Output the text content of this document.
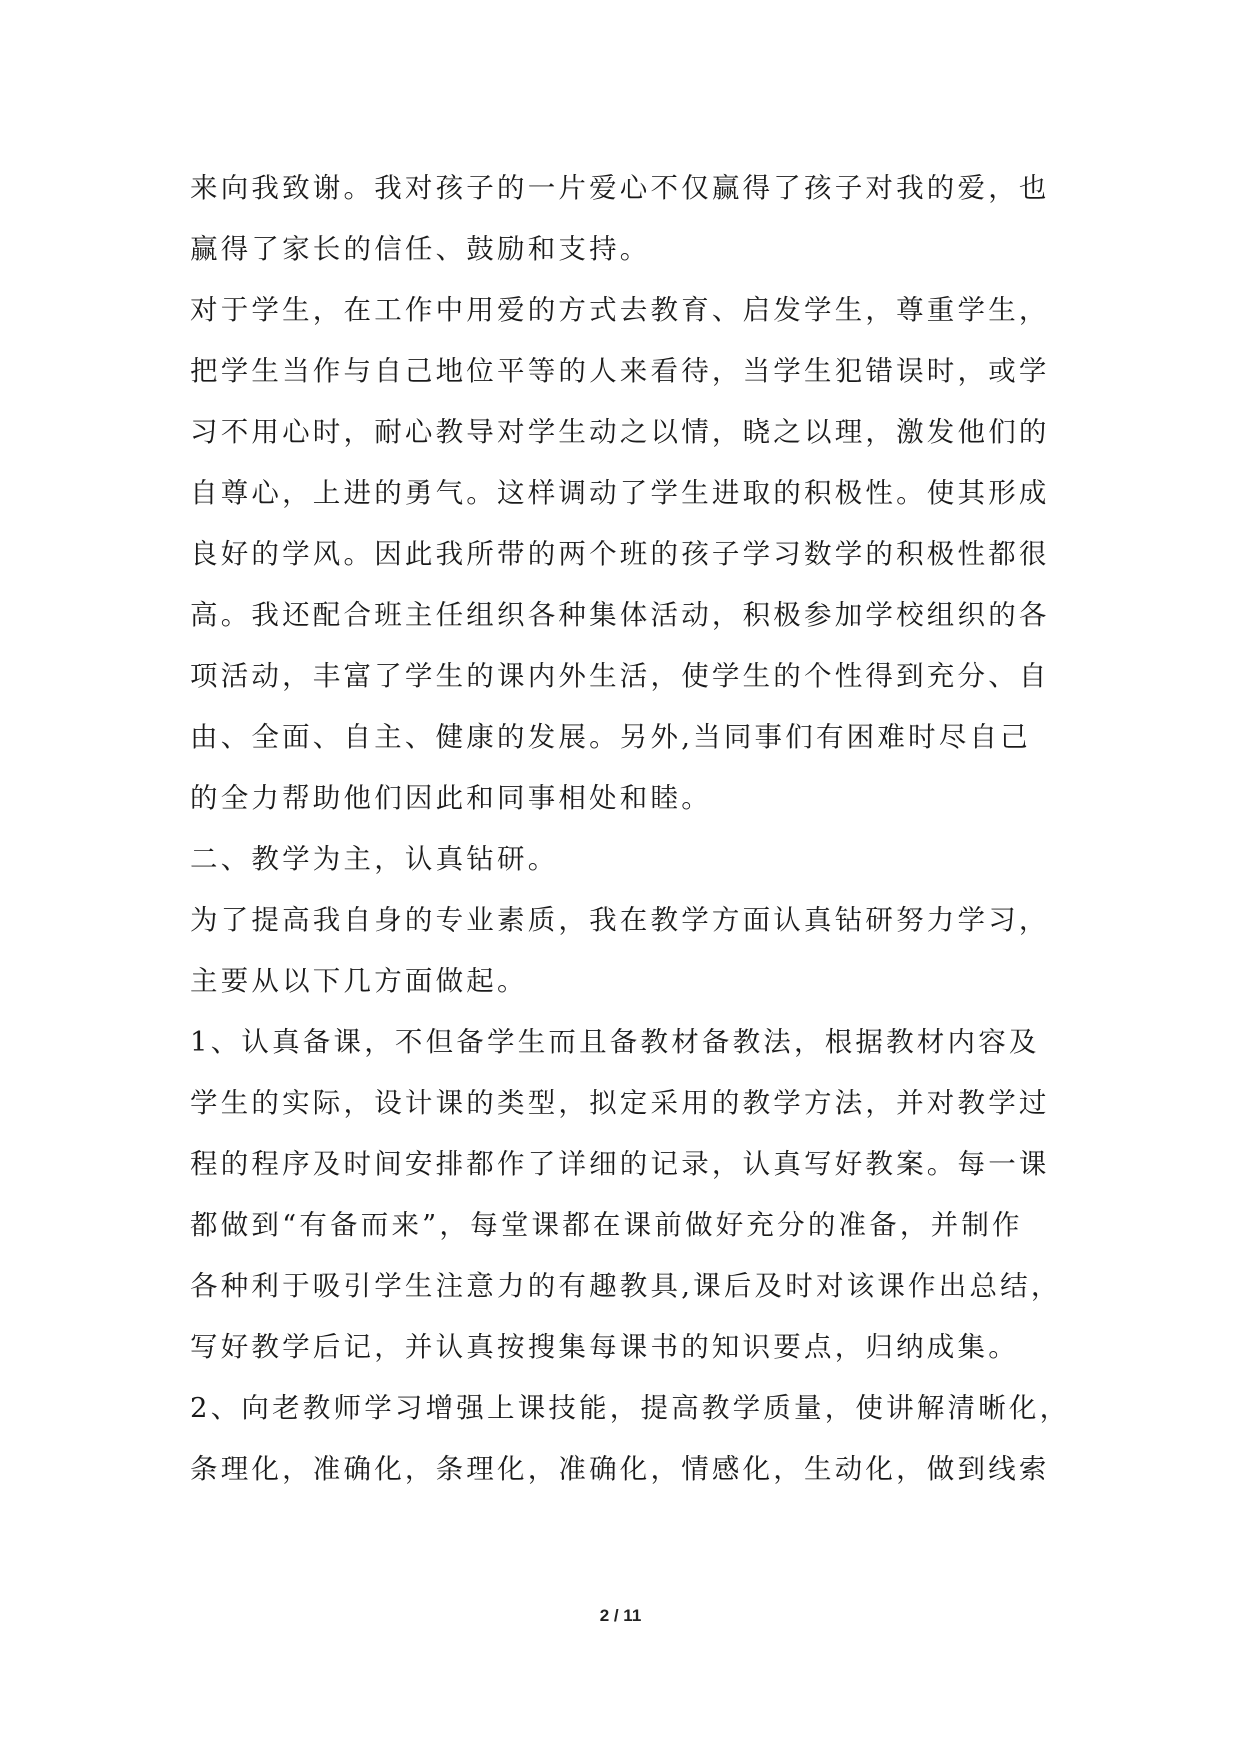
来向我致谢。我对孩子的一片爱心不仅赢得了孩子对我的爱，也
赢得了家长的信任、鼓励和支持。
对于学生，在工作中用爱的方式去教育、启发学生，尊重学生，
把学生当作与自己地位平等的人来看待，当学生犯错误时，或学
习不用心时，耐心教导对学生动之以情，晓之以理，激发他们的
自尊心，上进的勇气。这样调动了学生进取的积极性。使其形成
良好的学风。因此我所带的两个班的孩子学习数学的积极性都很
高。我还配合班主任组织各种集体活动，积极参加学校组织的各
项活动，丰富了学生的课内外生活，使学生的个性得到充分、自
由、全面、自主、健康的发展。另外,当同事们有困难时尽自己
的全力帮助他们因此和同事相处和睦。
二、教学为主，认真钻研。
为了提高我自身的专业素质，我在教学方面认真钻研努力学习，
主要从以下几方面做起。
1、认真备课，不但备学生而且备教材备教法，根据教材内容及
学生的实际，设计课的类型，拟定采用的教学方法，并对教学过
程的程序及时间安排都作了详细的记录，认真写好教案。每一课
都做到“有备而来”，每堂课都在课前做好充分的准备，并制作
各种利于吸引学生注意力的有趣教具,课后及时对该课作出总结，
写好教学后记，并认真按搜集每课书的知识要点，归纳成集。
2、向老教师学习增强上课技能，提高教学质量，使讲解清晰化，
条理化，准确化，条理化，准确化，情感化，生动化，做到线索
2 / 11
